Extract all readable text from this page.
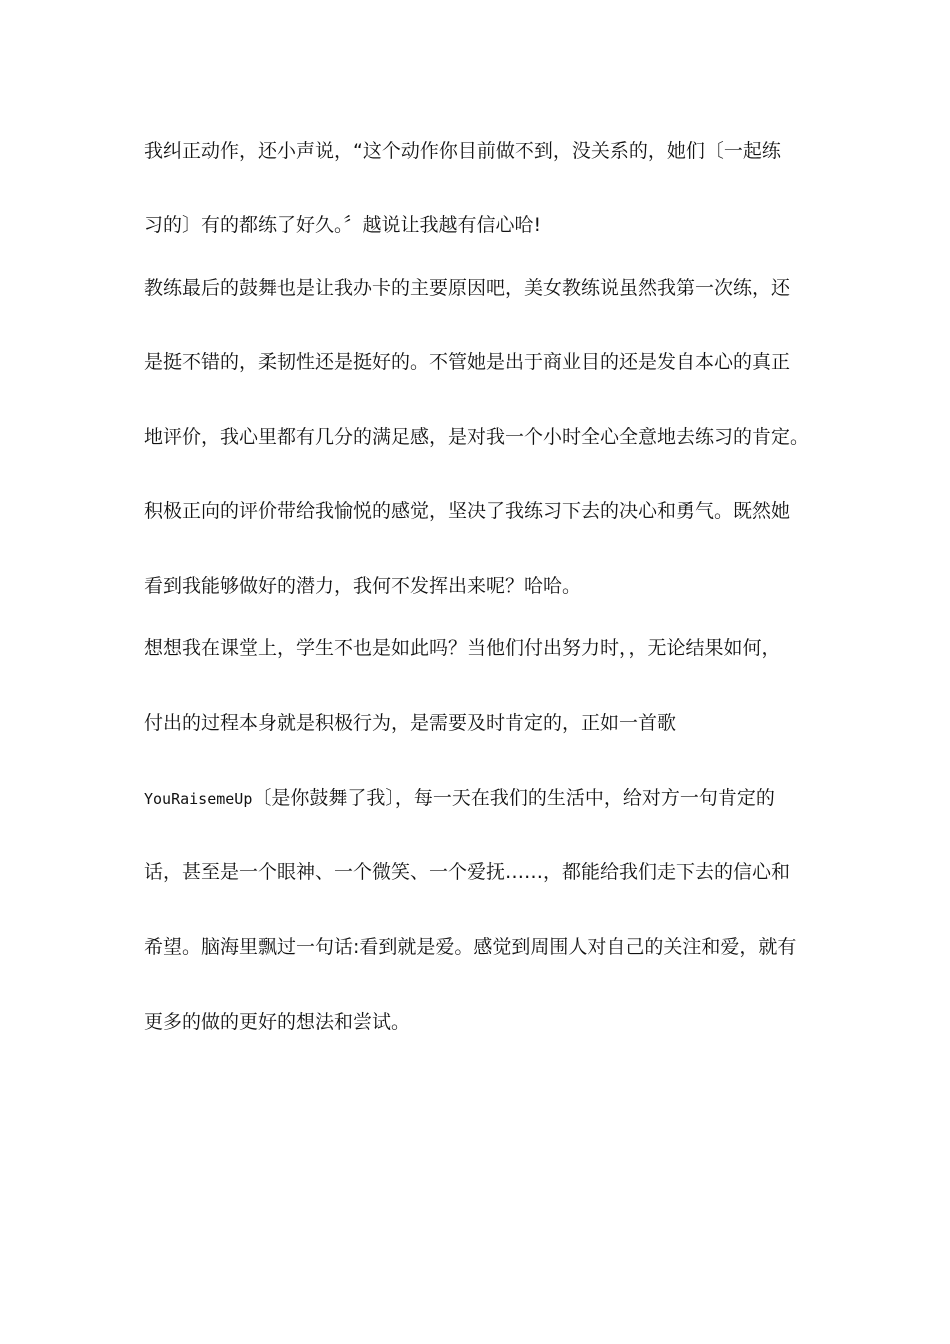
我纠正动作，还小声说，“这个动作你目前做不到，没关系的，她们〔一起练
习的〕有的都练了好久。〞越说让我越有信心哈!
教练最后的鼓舞也是让我办卡的主要原因吧，美女教练说虽然我第一次练，还
是挺不错的，柔韧性还是挺好的。不管她是出于商业目的还是发自本心的真正
地评价，我心里都有几分的满足感，是对我一个小时全心全意地去练习的肯定。
积极正向的评价带给我愉悦的感觉，坚决了我练习下去的决心和勇气。既然她
看到我能够做好的潜力，我何不发挥出来呢？哈哈。
想想我在课堂上，学生不也是如此吗？当他们付出努力时，，无论结果如何，
付出的过程本身就是积极行为，是需要及时肯定的，正如一首歌
YouRaisemeUp〔是你鼓舞了我〕，每一天在我们的生活中，给对方一句肯定的
话，甚至是一个眼神、一个微笑、一个爱抚……，都能给我们走下去的信心和
希望。脑海里飘过一句话:看到就是爱。感觉到周围人对自己的关注和爱，就有
更多的做的更好的想法和尝试。
